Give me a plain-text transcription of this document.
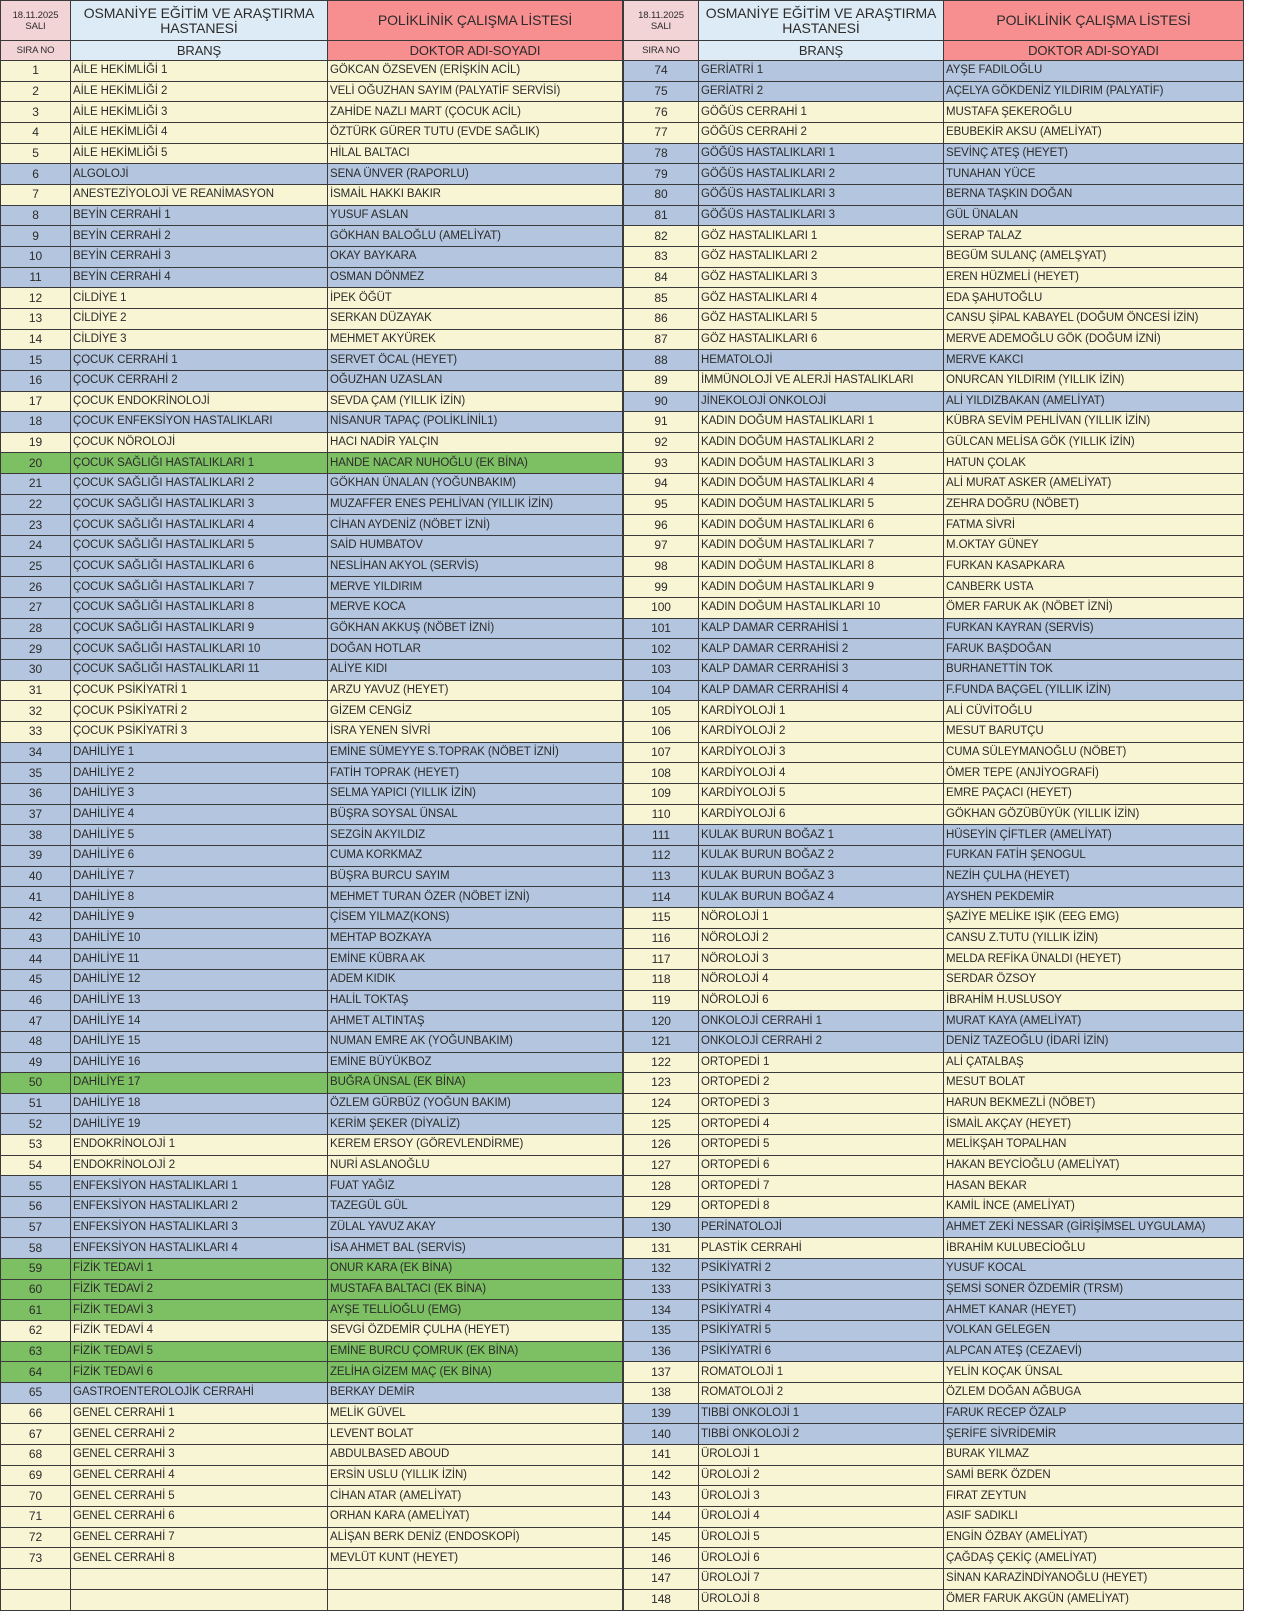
18.11.2025
SALI	OSMANİYE EĞİTİM VE ARAŞTIRMA HASTANESİ	POLİKLİNİK ÇALIŞMA LİSTESİ
SIRA NO	BRANŞ	DOKTOR ADI-SOYADI
1	AİLE HEKİMLİĞİ 1	GÖKCAN ÖZSEVEN (ERİŞKİN ACİL)
2	AİLE HEKİMLİĞİ 2	VELİ OĞUZHAN SAYIM (PALYATİF SERVİSİ)
3	AİLE HEKİMLİĞİ 3	ZAHİDE NAZLI MART (ÇOCUK ACİL)
4	AİLE HEKİMLİĞİ 4	ÖZTÜRK GÜRER TUTU (EVDE SAĞLIK)
5	AİLE HEKİMLİĞİ 5	HİLAL BALTACI
6	ALGOLOJİ	SENA ÜNVER (RAPORLU)
7	ANESTEZİYOLOJİ VE REANİMASYON	İSMAİL HAKKI BAKIR
8	BEYİN CERRAHİ 1	YUSUF ASLAN
9	BEYİN CERRAHİ 2	GÖKHAN BALOĞLU (AMELİYAT)
10	BEYİN CERRAHİ 3	OKAY BAYKARA
11	BEYİN CERRAHİ 4	OSMAN DÖNMEZ
12	CİLDİYE 1	İPEK ÖĞÜT
13	CİLDİYE 2	SERKAN DÜZAYAK
14	CİLDİYE 3	MEHMET AKYÜREK
15	ÇOCUK CERRAHİ 1	SERVET ÖCAL (HEYET)
16	ÇOCUK CERRAHİ 2	OĞUZHAN UZASLAN
17	ÇOCUK ENDOKRİNOLOJİ	SEVDA ÇAM (YILLIK İZİN)
18	ÇOCUK ENFEKSİYON HASTALIKLARI	NİSANUR TAPAÇ (POLİKLİNİL1)
19	ÇOCUK NÖROLOJİ	HACI NADİR YALÇIN
20	ÇOCUK SAĞLIĞI HASTALIKLARI 1	HANDE NACAR NUHOĞLU (EK BİNA)
21	ÇOCUK SAĞLIĞI HASTALIKLARI 2	GÖKHAN ÜNALAN (YOĞUNBAKIM)
22	ÇOCUK SAĞLIĞI HASTALIKLARI 3	MUZAFFER ENES PEHLİVAN (YILLIK İZİN)
23	ÇOCUK SAĞLIĞI HASTALIKLARI 4	CİHAN AYDENİZ (NÖBET İZNİ)
24	ÇOCUK SAĞLIĞI HASTALIKLARI 5	SAİD HUMBATOV
25	ÇOCUK SAĞLIĞI HASTALIKLARI 6	NESLİHAN AKYOL (SERVİS)
26	ÇOCUK SAĞLIĞI HASTALIKLARI 7	MERVE YILDIRIM
27	ÇOCUK SAĞLIĞI HASTALIKLARI 8	MERVE KOCA
28	ÇOCUK SAĞLIĞI HASTALIKLARI 9	GÖKHAN AKKUŞ (NÖBET İZNİ)
29	ÇOCUK SAĞLIĞI HASTALIKLARI 10	DOĞAN HOTLAR
30	ÇOCUK SAĞLIĞI HASTALIKLARI 11	ALİYE KIDI
31	ÇOCUK PSİKİYATRİ 1	ARZU YAVUZ (HEYET)
32	ÇOCUK PSİKİYATRİ 2	GİZEM CENGİZ
33	ÇOCUK PSİKİYATRİ 3	İSRA YENEN SİVRİ
34	DAHİLİYE 1	EMİNE SÜMEYYE S.TOPRAK (NÖBET İZNİ)
35	DAHİLİYE 2	FATİH TOPRAK (HEYET)
36	DAHİLİYE 3	SELMA YAPICI (YILLIK İZİN)
37	DAHİLİYE 4	BÜŞRA SOYSAL ÜNSAL
38	DAHİLİYE 5	SEZGİN AKYILDIZ
39	DAHİLİYE 6	CUMA KORKMAZ
40	DAHİLİYE 7	BÜŞRA BURCU SAYIM
41	DAHİLİYE 8	MEHMET TURAN ÖZER (NÖBET İZNİ)
42	DAHİLİYE 9	ÇİSEM YILMAZ(KONS)
43	DAHİLİYE 10	MEHTAP BOZKAYA
44	DAHİLİYE 11	EMİNE KÜBRA AK
45	DAHİLİYE 12	ADEM KIDIK
46	DAHİLİYE 13	HALİL TOKTAŞ
47	DAHİLİYE 14	AHMET ALTINTAŞ
48	DAHİLİYE 15	NUMAN EMRE AK (YOĞUNBAKIM)
49	DAHİLİYE 16	EMİNE BÜYÜKBOZ
50	DAHİLİYE 17	BUĞRA ÜNSAL (EK BİNA)
51	DAHİLİYE 18	ÖZLEM GÜRBÜZ (YOĞUN BAKIM)
52	DAHİLİYE 19	KERİM ŞEKER (DİYALİZ)
53	ENDOKRİNOLOJİ 1	KEREM ERSOY (GÖREVLENDİRME)
54	ENDOKRİNOLOJİ 2	NURİ ASLANOĞLU
55	ENFEKSİYON HASTALIKLARI 1	FUAT YAĞIZ
56	ENFEKSİYON HASTALIKLARI 2	TAZEGÜL GÜL
57	ENFEKSİYON HASTALIKLARI 3	ZÜLAL YAVUZ AKAY
58	ENFEKSİYON HASTALIKLARI 4	İSA AHMET BAL (SERVİS)
59	FİZİK TEDAVİ 1	ONUR KARA (EK BİNA)
60	FİZİK TEDAVİ 2	MUSTAFA BALTACI (EK BİNA)
61	FİZİK TEDAVİ 3	AYŞE TELLİOĞLU (EMG)
62	FİZİK TEDAVİ 4	SEVGİ ÖZDEMİR ÇULHA (HEYET)
63	FİZİK TEDAVİ 5	EMİNE BURCU ÇOMRUK (EK BİNA)
64	FİZİK TEDAVİ 6	ZELİHA GİZEM MAÇ (EK BİNA)
65	GASTROENTEROLOJİK CERRAHİ	BERKAY DEMİR
66	GENEL CERRAHİ 1	MELİK GÜVEL
67	GENEL CERRAHİ 2	LEVENT BOLAT
68	GENEL CERRAHİ 3	ABDULBASED ABOUD
69	GENEL CERRAHİ 4	ERSİN USLU (YILLIK İZİN)
70	GENEL CERRAHİ 5	CİHAN ATAR (AMELİYAT)
71	GENEL CERRAHİ 6	ORHAN KARA (AMELİYAT)
72	GENEL CERRAHİ 7	ALİŞAN BERK DENİZ (ENDOSKOPİ)
73	GENEL CERRAHİ 8	MEVLÜT KUNT (HEYET)

18.11.2025
SALI	OSMANİYE EĞİTİM VE ARAŞTIRMA HASTANESİ	POLİKLİNİK ÇALIŞMA LİSTESİ
SIRA NO	BRANŞ	DOKTOR ADI-SOYADI
74	GERİATRİ 1	AYŞE FADILOĞLU
75	GERİATRİ 2	AÇELYA GÖKDENİZ YILDIRIM (PALYATİF)
76	GÖĞÜS CERRAHİ 1	MUSTAFA ŞEKEROĞLU
77	GÖĞÜS CERRAHİ 2	EBUBEKİR AKSU (AMELİYAT)
78	GÖĞÜS HASTALIKLARI 1	SEVİNÇ ATEŞ (HEYET)
79	GÖĞÜS HASTALIKLARI 2	TUNAHAN YÜCE
80	GÖĞÜS HASTALIKLARI 3	BERNA TAŞKIN DOĞAN
81	GÖĞÜS HASTALIKLARI 3	GÜL ÜNALAN
82	GÖZ HASTALIKLARI 1	SERAP TALAZ
83	GÖZ HASTALIKLARI 2	BEGÜM SULANÇ (AMELŞYAT)
84	GÖZ HASTALIKLARI 3	EREN HÜZMELİ (HEYET)
85	GÖZ HASTALIKLARI 4	EDA ŞAHUTOĞLU
86	GÖZ HASTALIKLARI 5	CANSU ŞİPAL KABAYEL (DOĞUM ÖNCESİ İZİN)
87	GÖZ HASTALIKLARI 6	MERVE ADEMOĞLU GÖK (DOĞUM İZNİ)
88	HEMATOLOJİ	MERVE KAKCI
89	İMMÜNOLOJİ VE ALERJİ HASTALIKLARI	ONURCAN YILDIRIM (YILLIK İZİN)
90	JİNEKOLOJİ ONKOLOJİ	ALİ YILDIZBAKAN (AMELİYAT)
91	KADIN DOĞUM HASTALIKLARI 1	KÜBRA SEVİM PEHLİVAN (YILLIK İZİN)
92	KADIN DOĞUM HASTALIKLARI 2	GÜLCAN MELİSA GÖK (YILLIK İZİN)
93	KADIN DOĞUM HASTALIKLARI 3	HATUN ÇOLAK
94	KADIN DOĞUM HASTALIKLARI 4	ALİ MURAT ASKER (AMELİYAT)
95	KADIN DOĞUM HASTALIKLARI 5	ZEHRA DOĞRU (NÖBET)
96	KADIN DOĞUM HASTALIKLARI 6	FATMA SİVRİ
97	KADIN DOĞUM HASTALIKLARI 7	M.OKTAY GÜNEY
98	KADIN DOĞUM HASTALIKLARI 8	FURKAN KASAPKARA
99	KADIN DOĞUM HASTALIKLARI 9	CANBERK USTA
100	KADIN DOĞUM HASTALIKLARI 10	ÖMER FARUK AK (NÖBET İZNİ)
101	KALP DAMAR CERRAHİSİ 1	FURKAN KAYRAN (SERVİS)
102	KALP DAMAR CERRAHİSİ 2	FARUK BAŞDOĞAN
103	KALP DAMAR CERRAHİSİ 3	BURHANETTİN TOK
104	KALP DAMAR CERRAHİSİ 4	F.FUNDA BAÇGEL (YILLIK İZİN)
105	KARDİYOLOJİ 1	ALİ CÜVİTOĞLU
106	KARDİYOLOJİ 2	MESUT BARUTÇU
107	KARDİYOLOJİ 3	CUMA SÜLEYMANOĞLU (NÖBET)
108	KARDİYOLOJİ 4	ÖMER TEPE (ANJİYOGRAFİ)
109	KARDİYOLOJİ 5	EMRE PAÇACI (HEYET)
110	KARDİYOLOJİ 6	GÖKHAN GÖZÜBÜYÜK (YILLIK İZİN)
111	KULAK BURUN BOĞAZ 1	HÜSEYİN ÇİFTLER (AMELİYAT)
112	KULAK BURUN BOĞAZ 2	FURKAN FATİH ŞENOGUL
113	KULAK BURUN BOĞAZ 3	NEZİH ÇULHA (HEYET)
114	KULAK BURUN BOĞAZ 4	AYSHEN PEKDEMİR
115	NÖROLOJİ 1	ŞAZİYE MELİKE IŞIK (EEG EMG)
116	NÖROLOJİ 2	CANSU Z.TUTU (YILLIK İZİN)
117	NÖROLOJİ 3	MELDA REFİKA ÜNALDI (HEYET)
118	NÖROLOJİ 4	SERDAR ÖZSOY
119	NÖROLOJİ 6	İBRAHİM H.USLUSOY
120	ONKOLOJİ CERRAHİ 1	MURAT KAYA (AMELİYAT)
121	ONKOLOJİ CERRAHİ 2	DENİZ TAZEOĞLU (İDARİ İZİN)
122	ORTOPEDİ 1	ALİ ÇATALBAŞ
123	ORTOPEDİ 2	MESUT BOLAT
124	ORTOPEDİ 3	HARUN BEKMEZLİ (NÖBET)
125	ORTOPEDİ 4	İSMAİL AKÇAY (HEYET)
126	ORTOPEDİ 5	MELİKŞAH TOPALHAN
127	ORTOPEDİ 6	HAKAN BEYCİOĞLU (AMELİYAT)
128	ORTOPEDİ 7	HASAN BEKAR
129	ORTOPEDİ 8	KAMİL İNCE (AMELİYAT)
130	PERİNATOLOJİ	AHMET ZEKİ NESSAR (GİRİŞİMSEL UYGULAMA)
131	PLASTİK CERRAHİ	İBRAHİM KULUBECİOĞLU
132	PSİKİYATRİ 2	YUSUF KOCAL
133	PSİKİYATRİ 3	ŞEMSİ SONER ÖZDEMİR (TRSM)
134	PSİKİYATRİ 4	AHMET KANAR (HEYET)
135	PSİKİYATRİ 5	VOLKAN GELEGEN
136	PSİKİYATRİ 6	ALPCAN ATEŞ (CEZAEVİ)
137	ROMATOLOJİ 1	YELİN KOÇAK ÜNSAL
138	ROMATOLOJİ 2	ÖZLEM DOĞAN AĞBUGA
139	TIBBİ ONKOLOJİ 1	FARUK RECEP ÖZALP
140	TIBBİ ONKOLOJİ 2	ŞERİFE SİVRİDEMİR
141	ÜROLOJİ 1	BURAK YILMAZ
142	ÜROLOJİ 2	SAMİ BERK ÖZDEN
143	ÜROLOJİ 3	FIRAT ZEYTUN
144	ÜROLOJİ 4	ASIF SADIKLI
145	ÜROLOJİ 5	ENGİN ÖZBAY (AMELİYAT)
146	ÜROLOJİ 6	ÇAĞDAŞ ÇEKİÇ (AMELİYAT)
147	ÜROLOJİ 7	SİNAN KARAZİNDİYANOĞLU (HEYET)
148	ÜROLOJİ 8	ÖMER FARUK AKGÜN (AMELİYAT)
